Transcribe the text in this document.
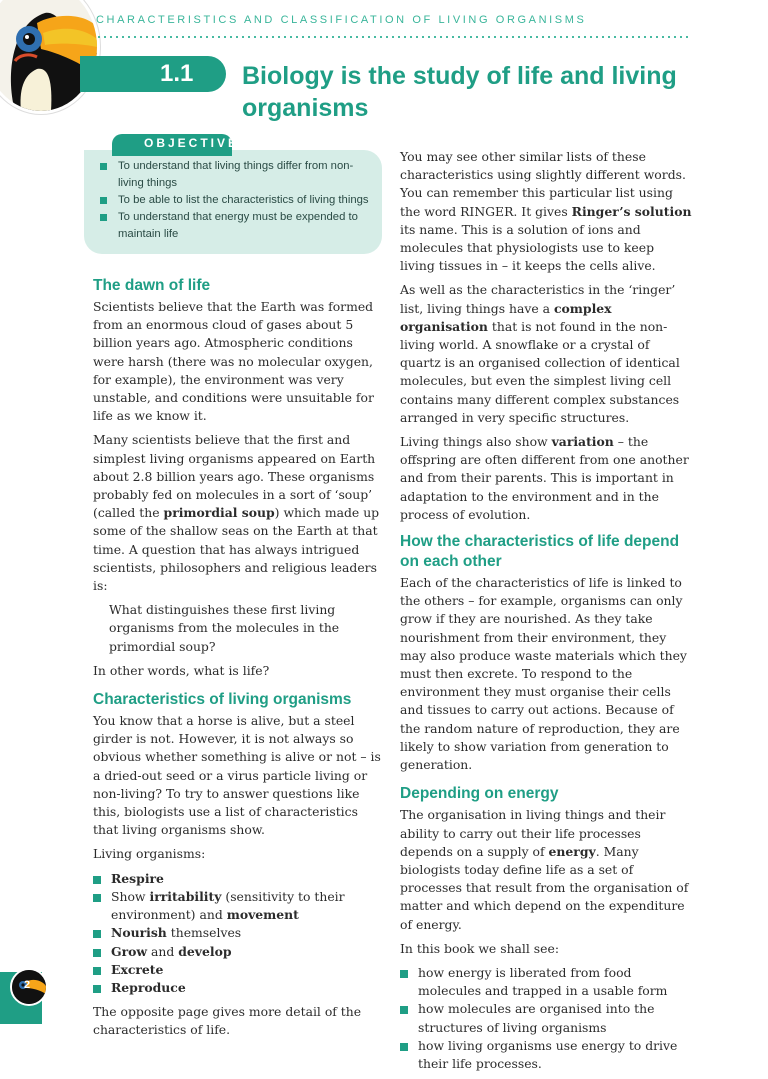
CHARACTERISTICS AND CLASSIFICATION OF LIVING ORGANISMS
1.1	Biology is the study of life and living organisms
OBJECTIVES
To understand that living things differ from non-living things
To be able to list the characteristics of living things
To understand that energy must be expended to maintain life
The dawn of life

Scientists believe that the Earth was formed from an enormous cloud of gases about 5 billion years ago. Atmospheric conditions were harsh (there was no molecular oxygen, for example), the environment was very unstable, and conditions were unsuitable for life as we know it.

Many scientists believe that the first and simplest living organisms appeared on Earth about 2.8 billion years ago. These organisms probably fed on molecules in a sort of ‘soup’ (called the primordial soup) which made up some of the shallow seas on the Earth at that time. A question that has always intrigued scientists, philosophers and religious leaders is:

What distinguishes these first living organisms from the molecules in the primordial soup?

In other words, what is life?

Characteristics of living organisms

You know that a horse is alive, but a steel girder is not. However, it is not always so obvious whether something is alive or not – is a dried-out seed or a virus particle living or non-living? To try to answer questions like this, biologists use a list of characteristics that living organisms show.

Living organisms:

Respire
Show irritability (sensitivity to their environment) and movement
Nourish themselves
Grow and develop
Excrete
Reproduce

The opposite page gives more detail of the characteristics of life.

You may see other similar lists of these characteristics using slightly different words. You can remember this particular list using the word RINGER. It gives Ringer’s solution its name. This is a solution of ions and molecules that physiologists use to keep living tissues in – it keeps the cells alive.

As well as the characteristics in the ‘ringer’ list, living things have a complex organisation that is not found in the non-living world. A snowflake or a crystal of quartz is an organised collection of identical molecules, but even the simplest living cell contains many different complex substances arranged in very specific structures.

Living things also show variation – the offspring are often different from one another and from their parents. This is important in adaptation to the environment and in the process of evolution.

How the characteristics of life depend on each other

Each of the characteristics of life is linked to the others – for example, organisms can only grow if they are nourished. As they take nourishment from their environment, they may also produce waste materials which they must then excrete. To respond to the environment they must organise their cells and tissues to carry out actions. Because of the random nature of reproduction, they are likely to show variation from generation to generation.

Depending on energy

The organisation in living things and their ability to carry out their life processes depends on a supply of energy. Many biologists today define life as a set of processes that result from the organisation of matter and which depend on the expenditure of energy.

In this book we shall see:

how energy is liberated from food molecules and trapped in a usable form
how molecules are organised into the structures of living organisms
how living organisms use energy to drive their life processes.
2
